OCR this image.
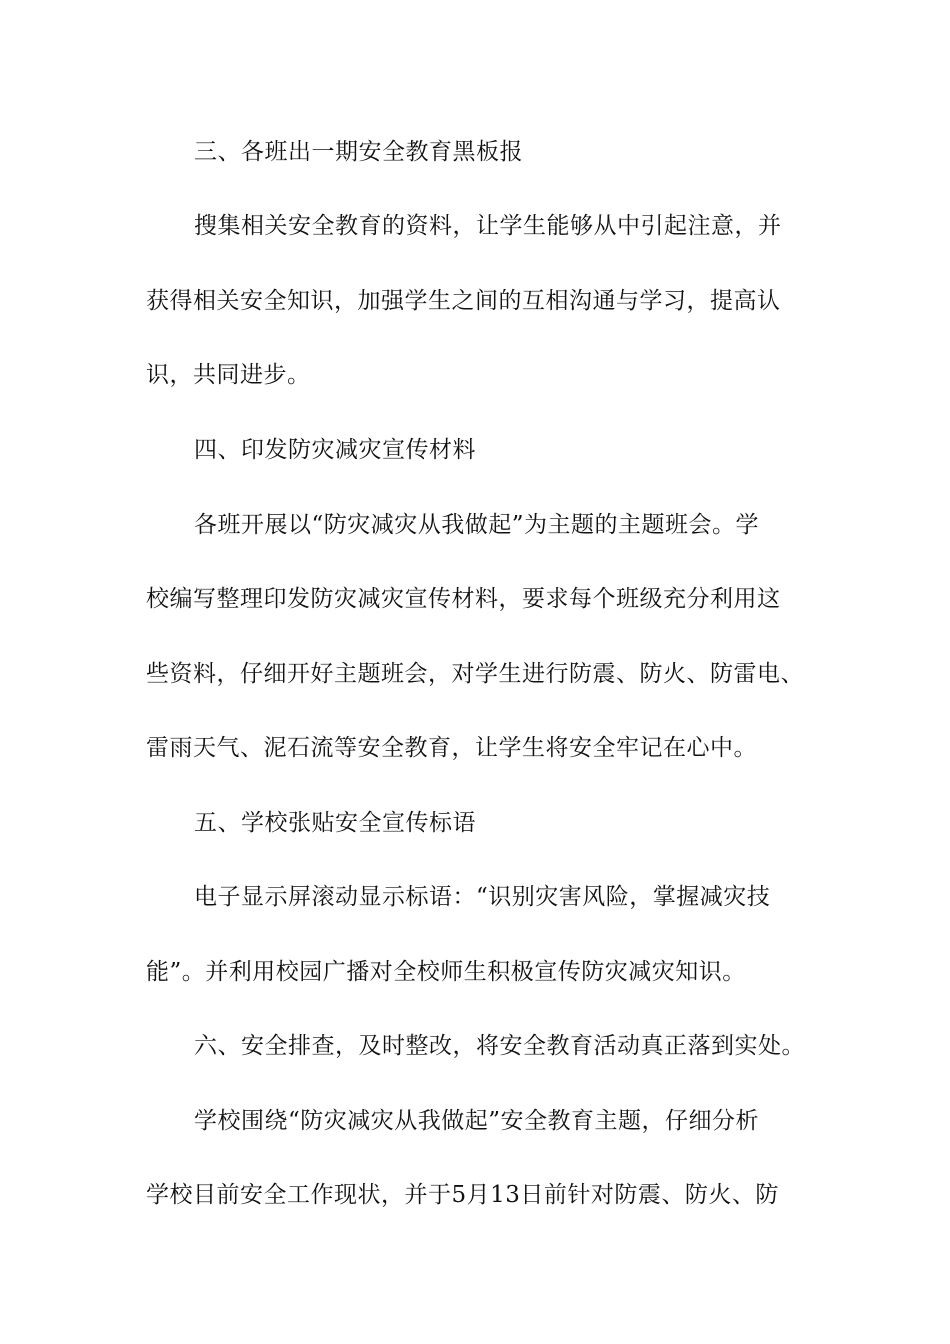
三、各班出一期安全教育黑板报
搜集相关安全教育的资料，让学生能够从中引起注意，并
获得相关安全知识，加强学生之间的互相沟通与学习，提高认
识，共同进步。
四、印发防灾减灾宣传材料
各班开展以“防灾减灾从我做起”为主题的主题班会。学
校编写整理印发防灾减灾宣传材料，要求每个班级充分利用这
些资料，仔细开好主题班会，对学生进行防震、防火、防雷电、
雷雨天气、泥石流等安全教育，让学生将安全牢记在心中。
五、学校张贴安全宣传标语
电子显示屏滚动显示标语：“识别灾害风险，掌握减灾技
能”。并利用校园广播对全校师生积极宣传防灾减灾知识。
六、安全排查，及时整改，将安全教育活动真正落到实处。
学校围绕“防灾减灾从我做起”安全教育主题，仔细分析
学校目前安全工作现状，并于5月13日前针对防震、防火、防
